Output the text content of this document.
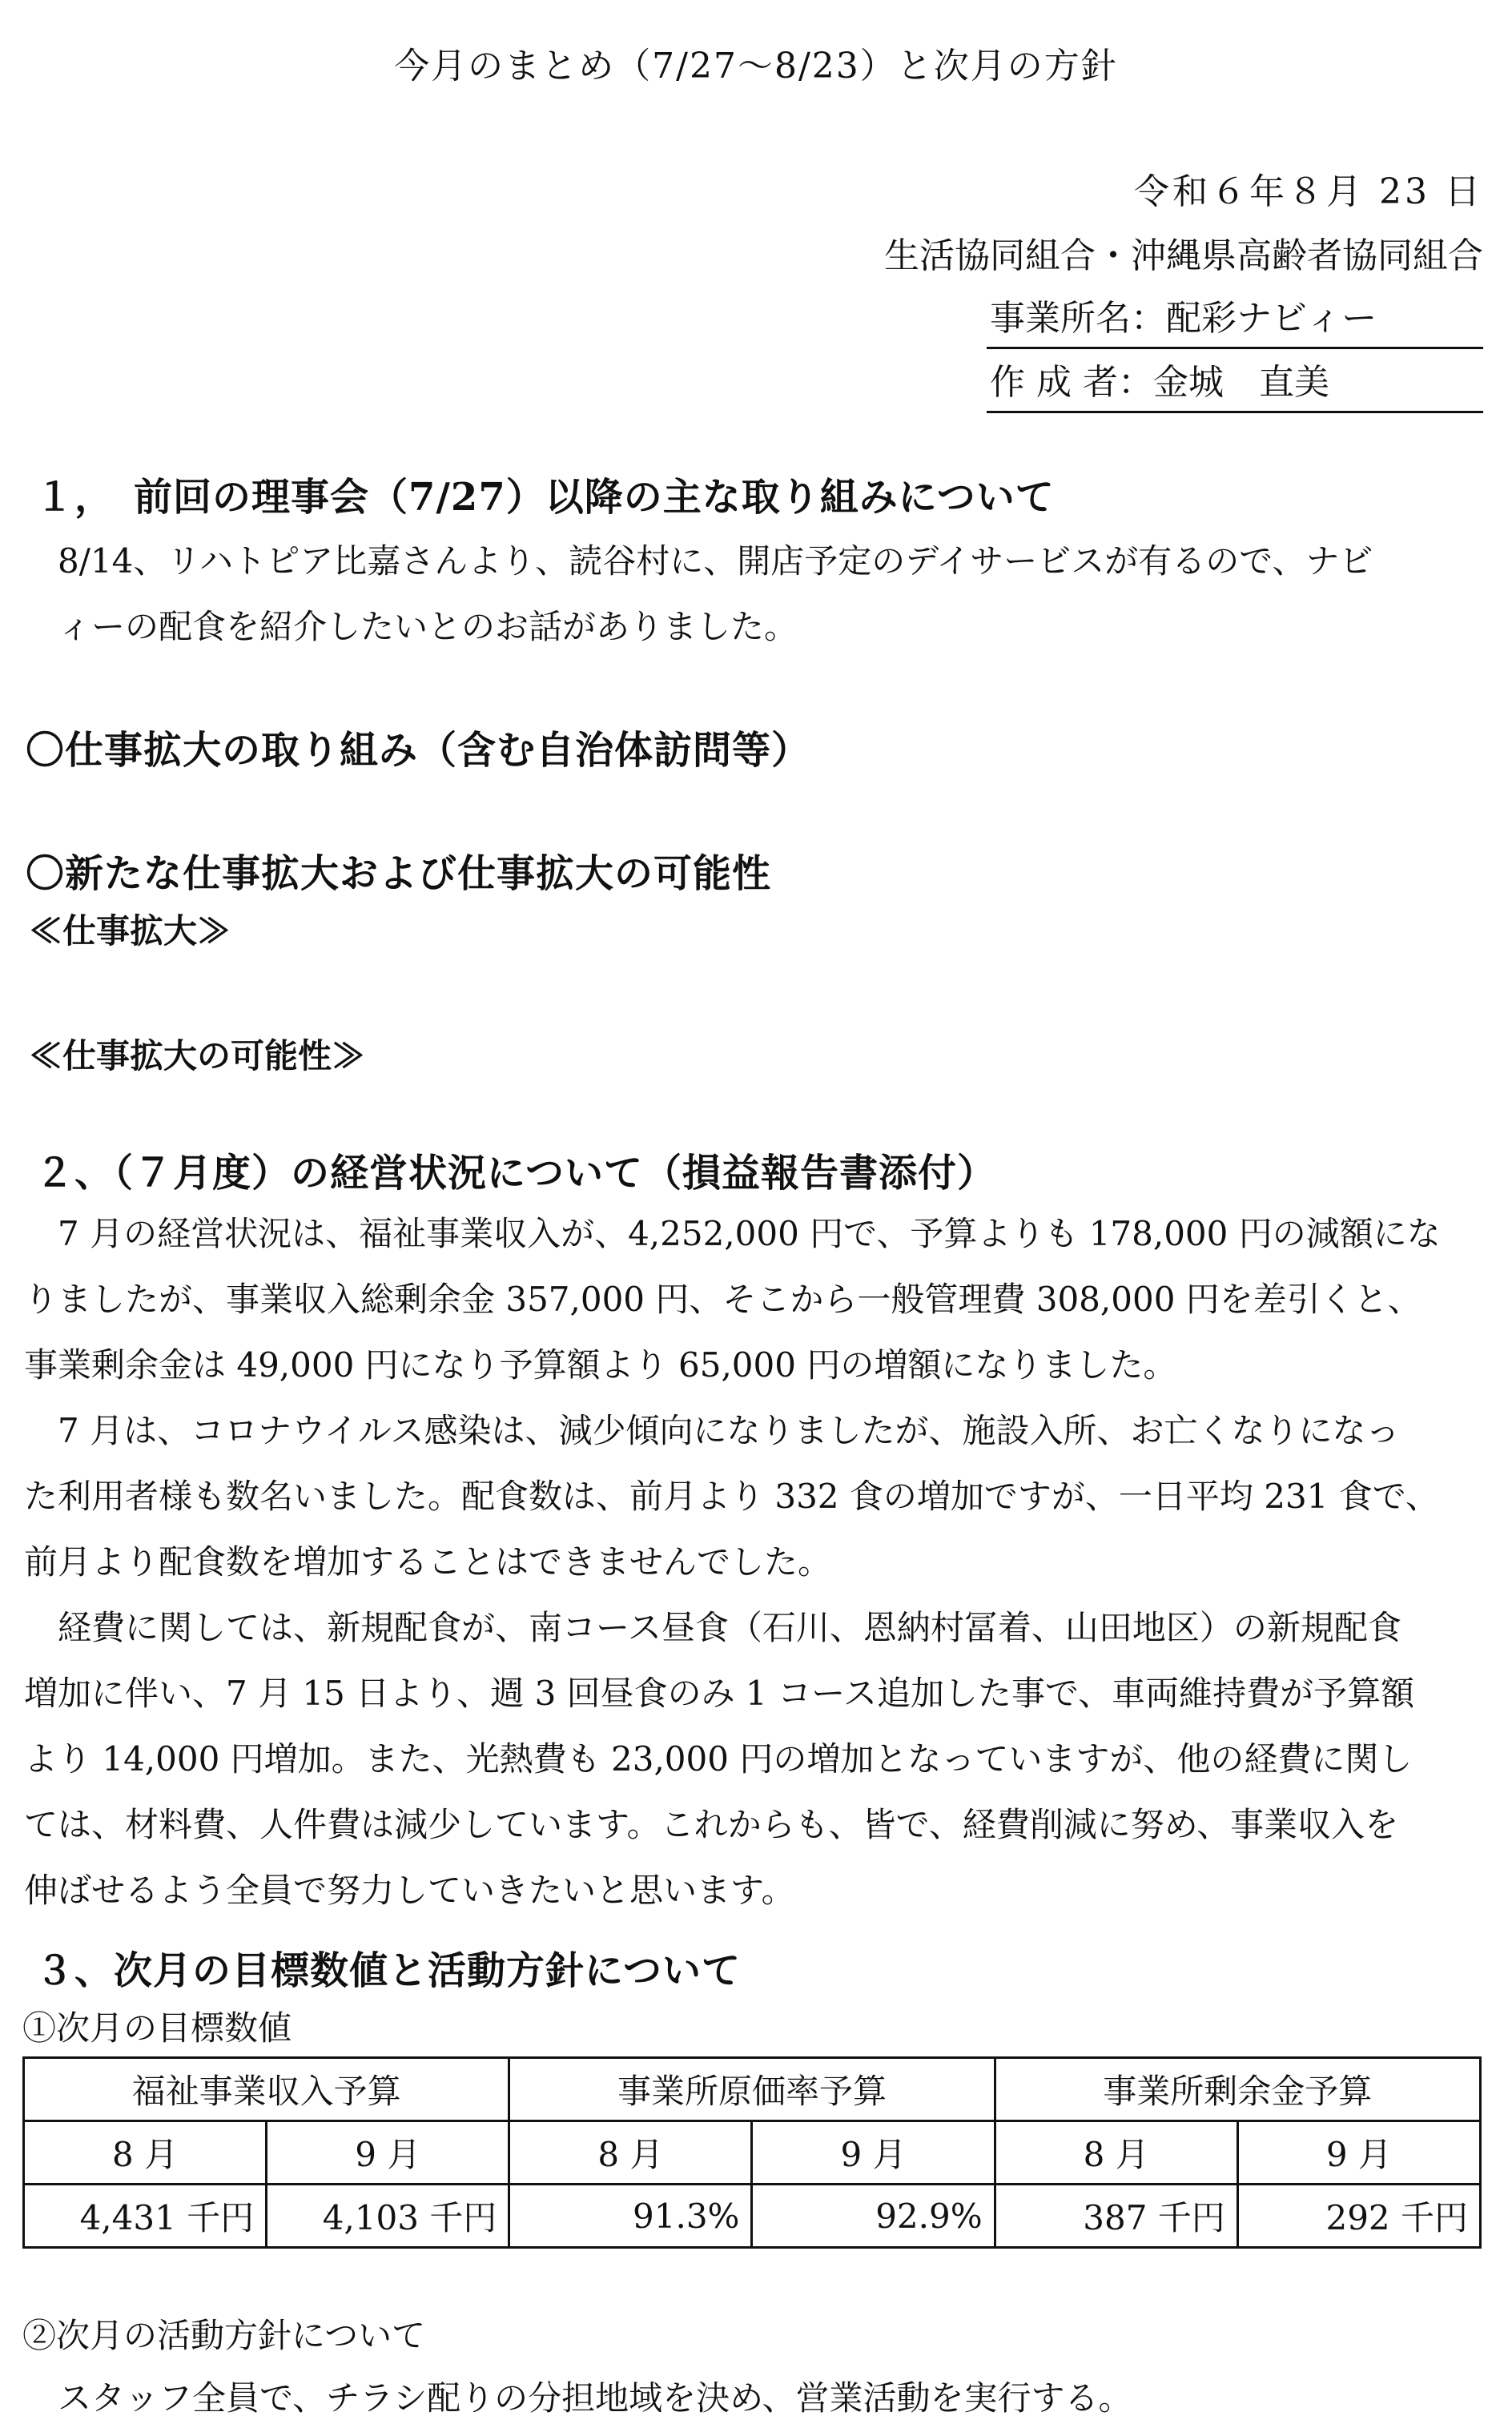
今月のまとめ（7/27～8/23）と次月の方針
令和６年８月 23 日
生活協同組合・沖縄県高齢者協同組合
事業所名：配彩ナビィー
作 成 者：金城　直美
１，　前回の理事会（7/27）以降の主な取り組みについて
8/14、リハトピア比嘉さんより、読谷村に、開店予定のデイサービスが有るので、ナビ
ィーの配食を紹介したいとのお話がありました。
〇仕事拡大の取り組み（含む自治体訪問等）
〇新たな仕事拡大および仕事拡大の可能性
≪仕事拡大≫
≪仕事拡大の可能性≫
２、（７月度）の経営状況について（損益報告書添付）
7 月の経営状況は、福祉事業収入が、4,252,000 円で、予算よりも 178,000 円の減額にな
りましたが、事業収入総剰余金 357,000 円、そこから一般管理費 308,000 円を差引くと、
事業剰余金は 49,000 円になり予算額より 65,000 円の増額になりました。
7 月は、コロナウイルス感染は、減少傾向になりましたが、施設入所、お亡くなりになっ
た利用者様も数名いました。配食数は、前月より 332 食の増加ですが、一日平均 231 食で、
前月より配食数を増加することはできませんでした。
経費に関しては、新規配食が、南コース昼食（石川、恩納村冨着、山田地区）の新規配食
増加に伴い、7 月 15 日より、週 3 回昼食のみ 1 コース追加した事で、車両維持費が予算額
より 14,000 円増加。また、光熱費も 23,000 円の増加となっていますが、他の経費に関し
ては、材料費、人件費は減少しています。これからも、皆で、経費削減に努め、事業収入を
伸ばせるよう全員で努力していきたいと思います。
３、次月の目標数値と活動方針について
①次月の目標数値
福祉事業収入予算		事業所原価率予算		事業所剰余金予算	
8 月	9 月	8 月	9 月	8 月	9 月
4,431 千円	4,103 千円	91.3%	92.9%	387 千円	292 千円
②次月の活動方針について
スタッフ全員で、チラシ配りの分担地域を決め、営業活動を実行する。
